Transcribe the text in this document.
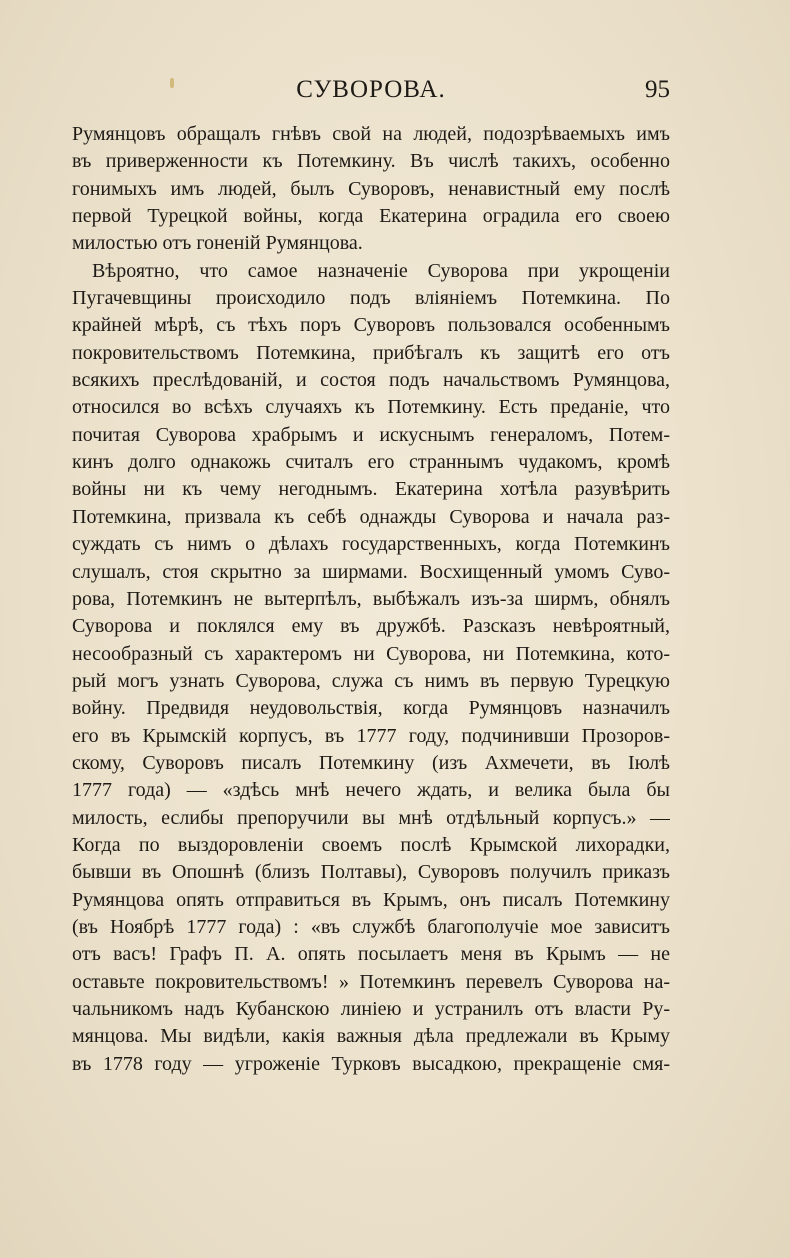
СУВОРОВА.	95
Румянцовъ обращалъ гнѣвъ свой на людей, подозрѣваемыхъ имъ
въ приверженности къ Потемкину. Въ числѣ такихъ, особенно
гонимыхъ имъ людей, былъ Суворовъ, ненавистный ему послѣ
первой Турецкой войны, когда Екатерина оградила его своею
милостью отъ гоненій Румянцова.
Вѣроятно, что самое назначеніе Суворова при укрощеніи
Пугачевщины происходило подъ вліяніемъ Потемкина. По
крайней мѣрѣ, съ тѣхъ поръ Суворовъ пользовался особеннымъ
покровительствомъ Потемкина, прибѣгалъ къ защитѣ его отъ
всякихъ преслѣдованій, и состоя подъ начальствомъ Румянцова,
относился во всѣхъ случаяхъ къ Потемкину. Есть преданіе, что
почитая Суворова храбрымъ и искуснымъ генераломъ, Потем-
кинъ долго однакожь считалъ его страннымъ чудакомъ, кромѣ
войны ни къ чему негоднымъ. Екатерина хотѣла разувѣрить
Потемкина, призвала къ себѣ однажды Суворова и начала раз-
суждать съ нимъ о дѣлахъ государственныхъ, когда Потемкинъ
слушалъ, стоя скрытно за ширмами. Восхищенный умомъ Суво-
рова, Потемкинъ не вытерпѣлъ, выбѣжалъ изъ-за ширмъ, обнялъ
Суворова и поклялся ему въ дружбѣ. Разсказъ невѣроятный,
несообразный съ характеромъ ни Суворова, ни Потемкина, кото-
рый могъ узнать Суворова, служа съ нимъ въ первую Турецкую
войну. Предвидя неудовольствія, когда Румянцовъ назначилъ
его въ Крымскій корпусъ, въ 1777 году, подчинивши Прозоров-
скому, Суворовъ писалъ Потемкину (изъ Ахмечети, въ Іюлѣ
1777 года) — «здѣсь мнѣ нечего ждать, и велика была бы
милость, еслибы препоручили вы мнѣ отдѣльный корпусъ.» —
Когда по выздоровленіи своемъ послѣ Крымской лихорадки,
бывши въ Опошнѣ (близъ Полтавы), Суворовъ получилъ приказъ
Румянцова опять отправиться въ Крымъ, онъ писалъ Потемкину
(въ Ноябрѣ 1777 года) : «въ службѣ благополучіе мое зависитъ
отъ васъ! Графъ П. А. опять посылаетъ меня въ Крымъ — не
оставьте покровительствомъ! » Потемкинъ перевелъ Суворова на-
чальникомъ надъ Кубанскою линіею и устранилъ отъ власти Ру-
мянцова. Мы видѣли, какія важныя дѣла предлежали въ Крыму
въ 1778 году — угроженіе Турковъ высадкою, прекращеніе смя-
